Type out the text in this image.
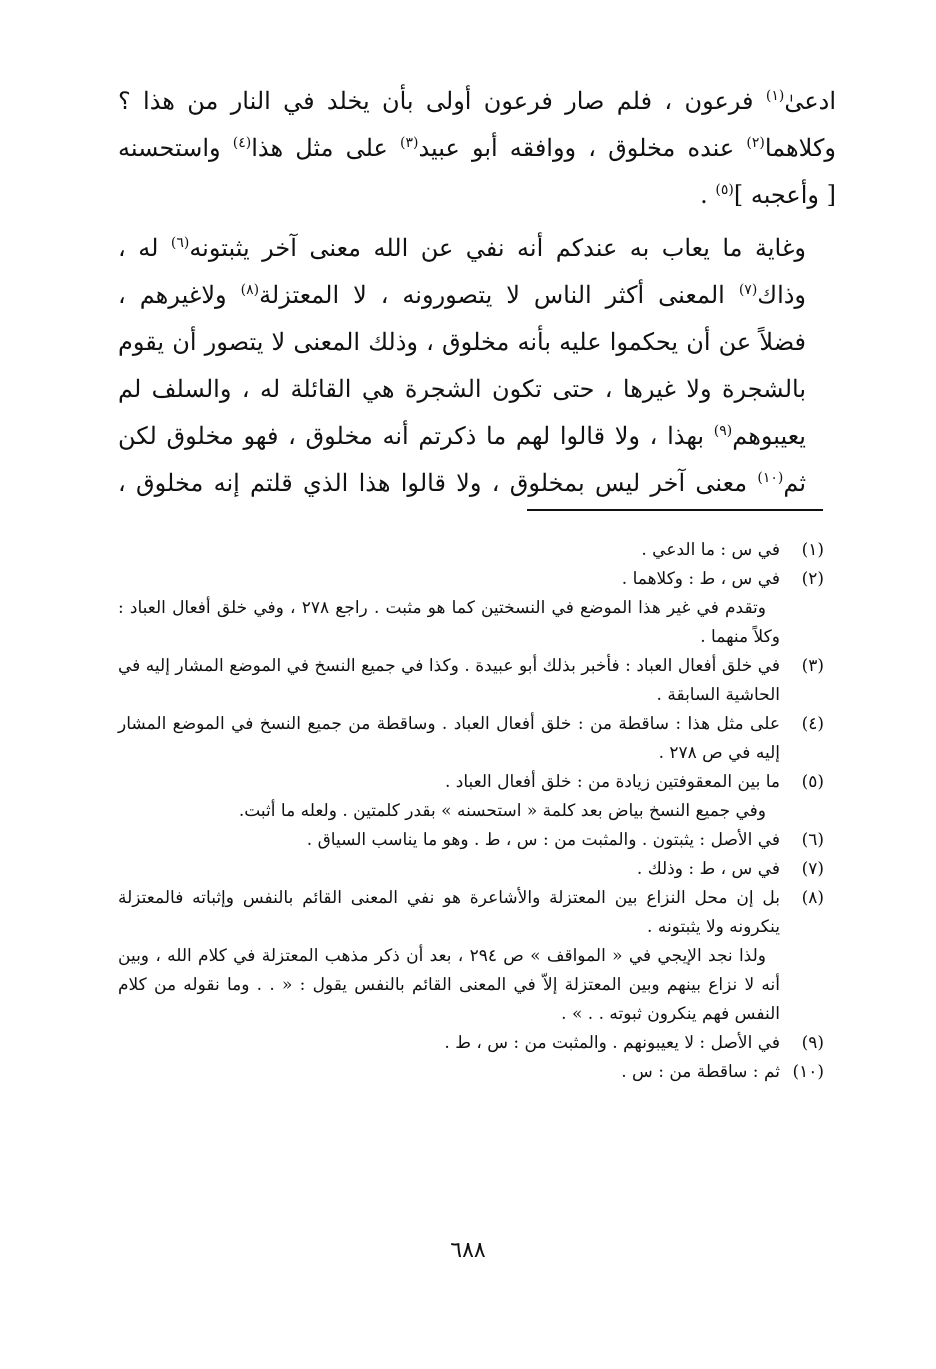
ادعىٰ$^{(١)}$ فرعون ، فلم صار فرعون أولى بأن يخلد في النار من هذا ؟
وكلاهما$^{(٢)}$ عنده مخلوق ، ووافقه أبو عبيد$^{(٣)}$ على مثل هذا$^{(٤)}$ واستحسنه
[ وأعجبه ]$^{(٥)}$ .

وغاية ما يعاب به عندكم أنه نفي عن الله معنى آخر يثبتونه$^{(٦)}$ له ،
وذاك$^{(٧)}$ المعنى أكثر الناس لا يتصورونه ، لا المعتزلة$^{(٨)}$ ولاغيرهم ،
فضلاً عن أن يحكموا عليه بأنه مخلوق ، وذلك المعنى لا يتصور أن يقوم
بالشجرة ولا غيرها ، حتى تكون الشجرة هي القائلة له ، والسلف لم
يعيبوهم$^{(٩)}$ بهذا ، ولا قالوا لهم ما ذكرتم أنه مخلوق ، فهو مخلوق لكن
ثم$^{(١٠)}$ معنى آخر ليس بمخلوق ، ولا قالوا هذا الذي قلتم إنه مخلوق ،

(١)
في س : ما الدعي .
(٢)
في س ، ط : وكلاهما .
وتقدم في غير هذا الموضع في النسختين كما هو مثبت . راجع ٢٧٨ ، وفي خلق أفعال العباد : وكلاً منهما .
(٣)
في خلق أفعال العباد : فأخبر بذلك أبو عبيدة . وكذا في جميع النسخ في الموضع المشار إليه في الحاشية السابقة .
(٤)
على مثل هذا : ساقطة من : خلق أفعال العباد . وساقطة من جميع النسخ في الموضع المشار إليه في ص ٢٧٨ .
(٥)
ما بين المعقوفتين زيادة من : خلق أفعال العباد .
وفي جميع النسخ بياض بعد كلمة « استحسنه » بقدر كلمتين . ولعله ما أثبت.
(٦)
في الأصل : يثبتون . والمثبت من : س ، ط . وهو ما يناسب السياق .
(٧)
في س ، ط : وذلك .
(٨)
بل إن محل النزاع بين المعتزلة والأشاعرة هو نفي المعنى القائم بالنفس وإثباته فالمعتزلة ينكرونه ولا يثبتونه .
ولذا نجد الإيجي في « المواقف » ص ٢٩٤ ، بعد أن ذكر مذهب المعتزلة في كلام الله ، وبين أنه لا نزاع بينهم وبين المعتزلة إلاّ في المعنى القائم بالنفس يقول : « . . وما نقوله من كلام النفس فهم ينكرون ثبوته . . » .
(٩)
في الأصل : لا يعيبونهم . والمثبت من : س ، ط .
(١٠)
ثم : ساقطة من : س .
٦٨٨
